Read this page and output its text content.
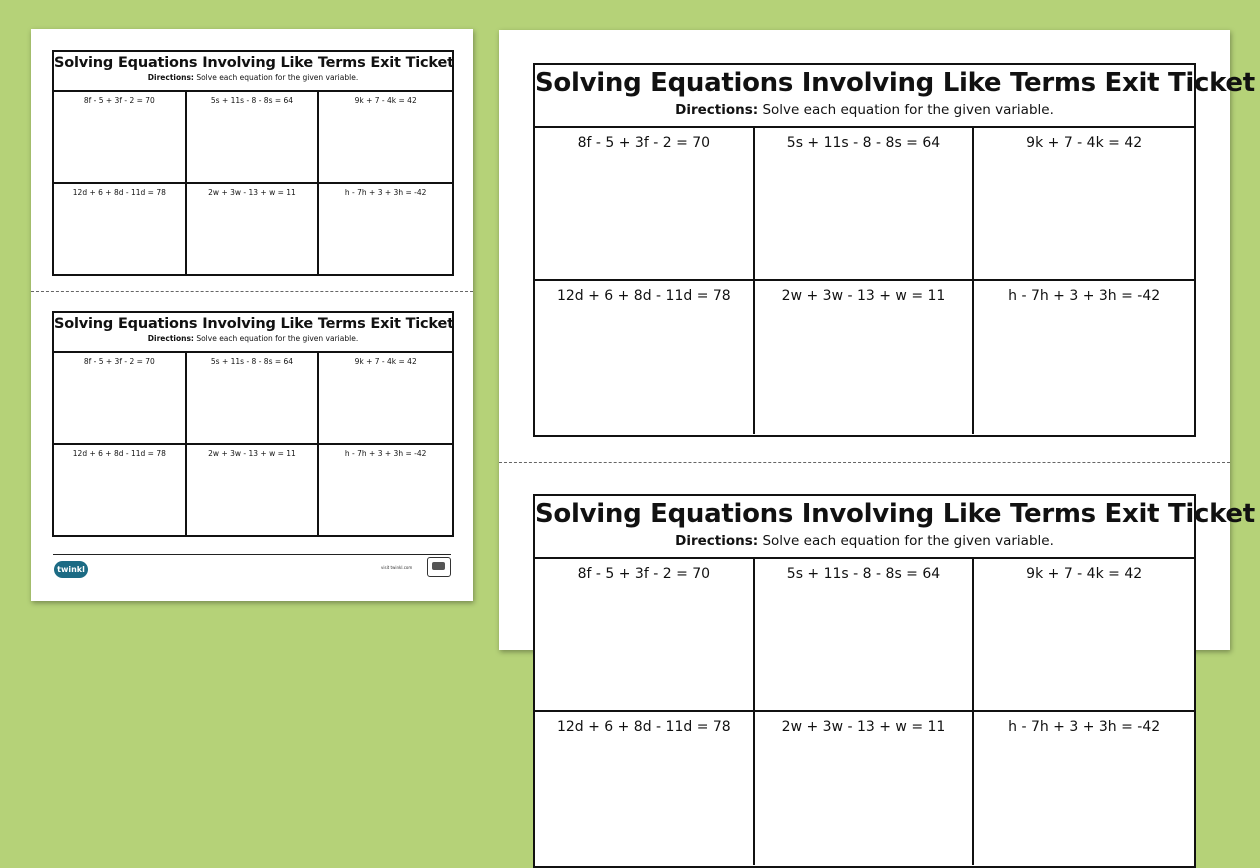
Solving Equations Involving Like Terms Exit Ticket
Directions: Solve each equation for the given variable.
8f - 5 + 3f - 2 = 70	5s + 11s - 8 - 8s = 64	9k + 7 - 4k = 42
12d + 6 + 8d - 11d = 78	2w + 3w - 13 + w = 11	h - 7h + 3 + 3h = -42
Solving Equations Involving Like Terms Exit Ticket
Directions: Solve each equation for the given variable.
8f - 5 + 3f - 2 = 70	5s + 11s - 8 - 8s = 64	9k + 7 - 4k = 42
12d + 6 + 8d - 11d = 78	2w + 3w - 13 + w = 11	h - 7h + 3 + 3h = -42
twinkl	visit twinkl.com
Solving Equations Involving Like Terms Exit Ticket
Directions: Solve each equation for the given variable.
8f - 5 + 3f - 2 = 70	5s + 11s - 8 - 8s = 64	9k + 7 - 4k = 42
12d + 6 + 8d - 11d = 78	2w + 3w - 13 + w = 11	h - 7h + 3 + 3h = -42
Solving Equations Involving Like Terms Exit Ticket
Directions: Solve each equation for the given variable.
8f - 5 + 3f - 2 = 70	5s + 11s - 8 - 8s = 64	9k + 7 - 4k = 42
12d + 6 + 8d - 11d = 78	2w + 3w - 13 + w = 11	h - 7h + 3 + 3h = -42
